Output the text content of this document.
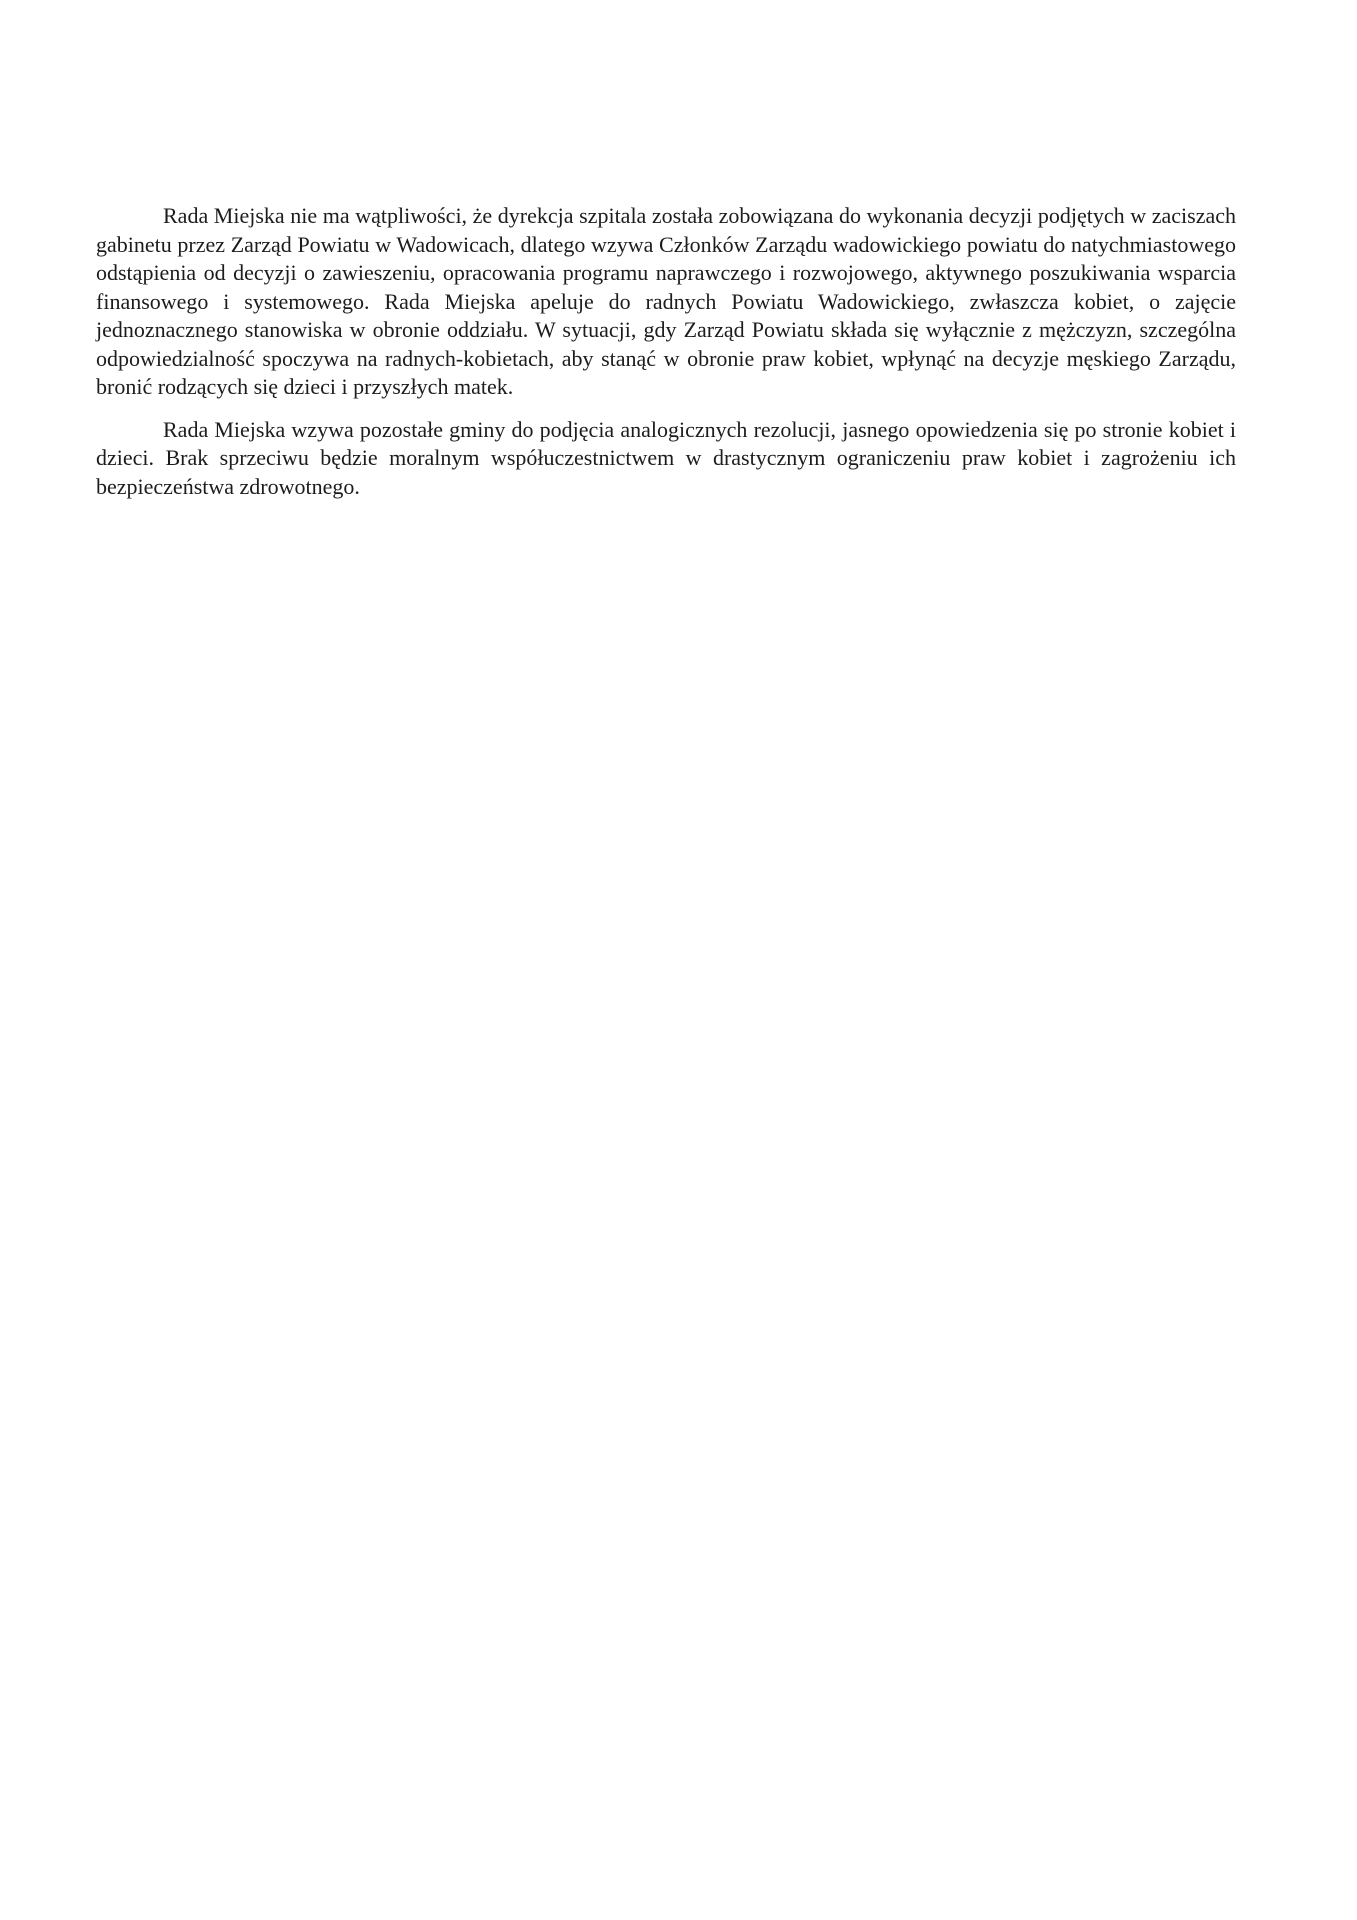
Rada Miejska nie ma wątpliwości, że dyrekcja szpitala została zobowiązana do wykonania decyzji podjętych w zaciszach gabinetu przez Zarząd Powiatu w Wadowicach, dlatego wzywa Członków Zarządu wadowickiego powiatu do natychmiastowego odstąpienia od decyzji o zawieszeniu, opracowania programu naprawczego i rozwojowego, aktywnego poszukiwania wsparcia finansowego i systemowego. Rada Miejska apeluje do radnych Powiatu Wadowickiego, zwłaszcza kobiet, o zajęcie jednoznacznego stanowiska w obronie oddziału. W sytuacji, gdy Zarząd Powiatu składa się wyłącznie z mężczyzn, szczególna odpowiedzialność spoczywa na radnych-kobietach, aby stanąć w obronie praw kobiet, wpłynąć na decyzje męskiego Zarządu, bronić rodzących się dzieci i przyszłych matek.

Rada Miejska wzywa pozostałe gminy do podjęcia analogicznych rezolucji, jasnego opowiedzenia się po stronie kobiet i dzieci. Brak sprzeciwu będzie moralnym współuczestnictwem w drastycznym ograniczeniu praw kobiet i zagrożeniu ich bezpieczeństwa zdrowotnego.
